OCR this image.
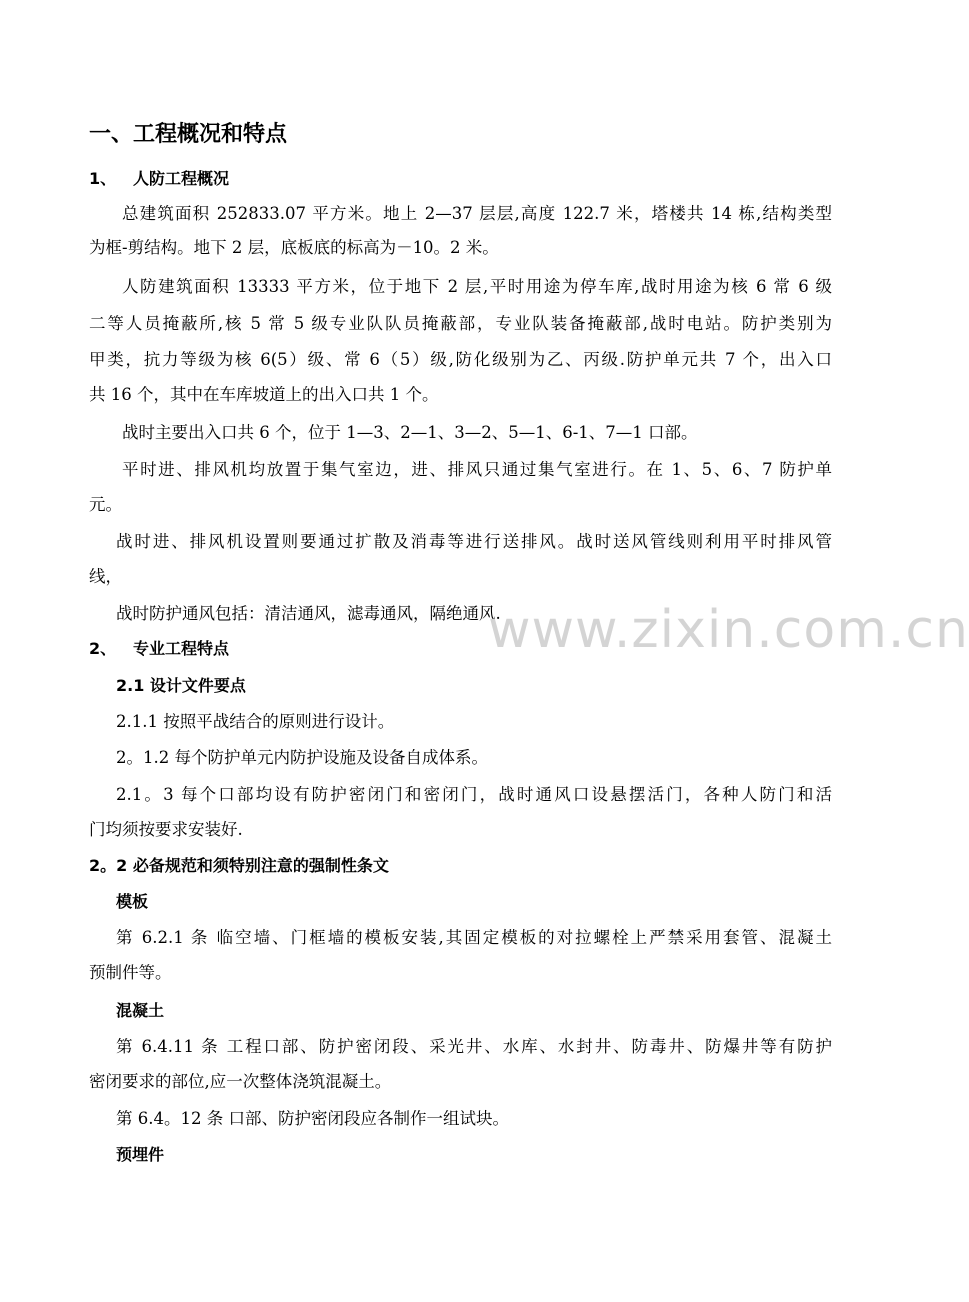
一、工程概况和特点
1、 人防工程概况
总建筑面积 252833.07 平方米。地上 2—37 层层,高度 122.7 米，塔楼共 14 栋,结构类型
为框-剪结构。地下 2 层，底板底的标高为－10。2 米。
人防建筑面积 13333 平方米，位于地下 2 层,平时用途为停车库,战时用途为核 6 常 6 级
二等人员掩蔽所,核 5 常 5 级专业队队员掩蔽部，专业队装备掩蔽部,战时电站。防护类别为
甲类，抗力等级为核 6(5）级、常 6（5）级,防化级别为乙、丙级.防护单元共 7 个，出入口
共 16 个，其中在车库坡道上的出入口共 1 个。
战时主要出入口共 6 个，位于 1—3、2—1、3—2、5—1、6-1、7—1 口部。
平时进、排风机均放置于集气室边，进、排风只通过集气室进行。在 1、5、6、7 防护单
元。
战时进、排风机设置则要通过扩散及消毒等进行送排风。战时送风管线则利用平时排风管
线，
战时防护通风包括：清洁通风，滤毒通风，隔绝通风.
2、 专业工程特点
2.1 设计文件要点
2.1.1 按照平战结合的原则进行设计。
2。1.2 每个防护单元内防护设施及设备自成体系。
2.1。3 每个口部均设有防护密闭门和密闭门，战时通风口设悬摆活门，各种人防门和活
门均须按要求安装好.
2。2 必备规范和须特别注意的强制性条文
模板
第 6.2.1 条 临空墙、门框墙的模板安装,其固定模板的对拉螺栓上严禁采用套管、混凝土
预制件等。
混凝土
第 6.4.11 条 工程口部、防护密闭段、采光井、水库、水封井、防毒井、防爆井等有防护
密闭要求的部位,应一次整体浇筑混凝土。
第 6.4。12 条 口部、防护密闭段应各制作一组试块。
预埋件
www.zixin.com.cn
